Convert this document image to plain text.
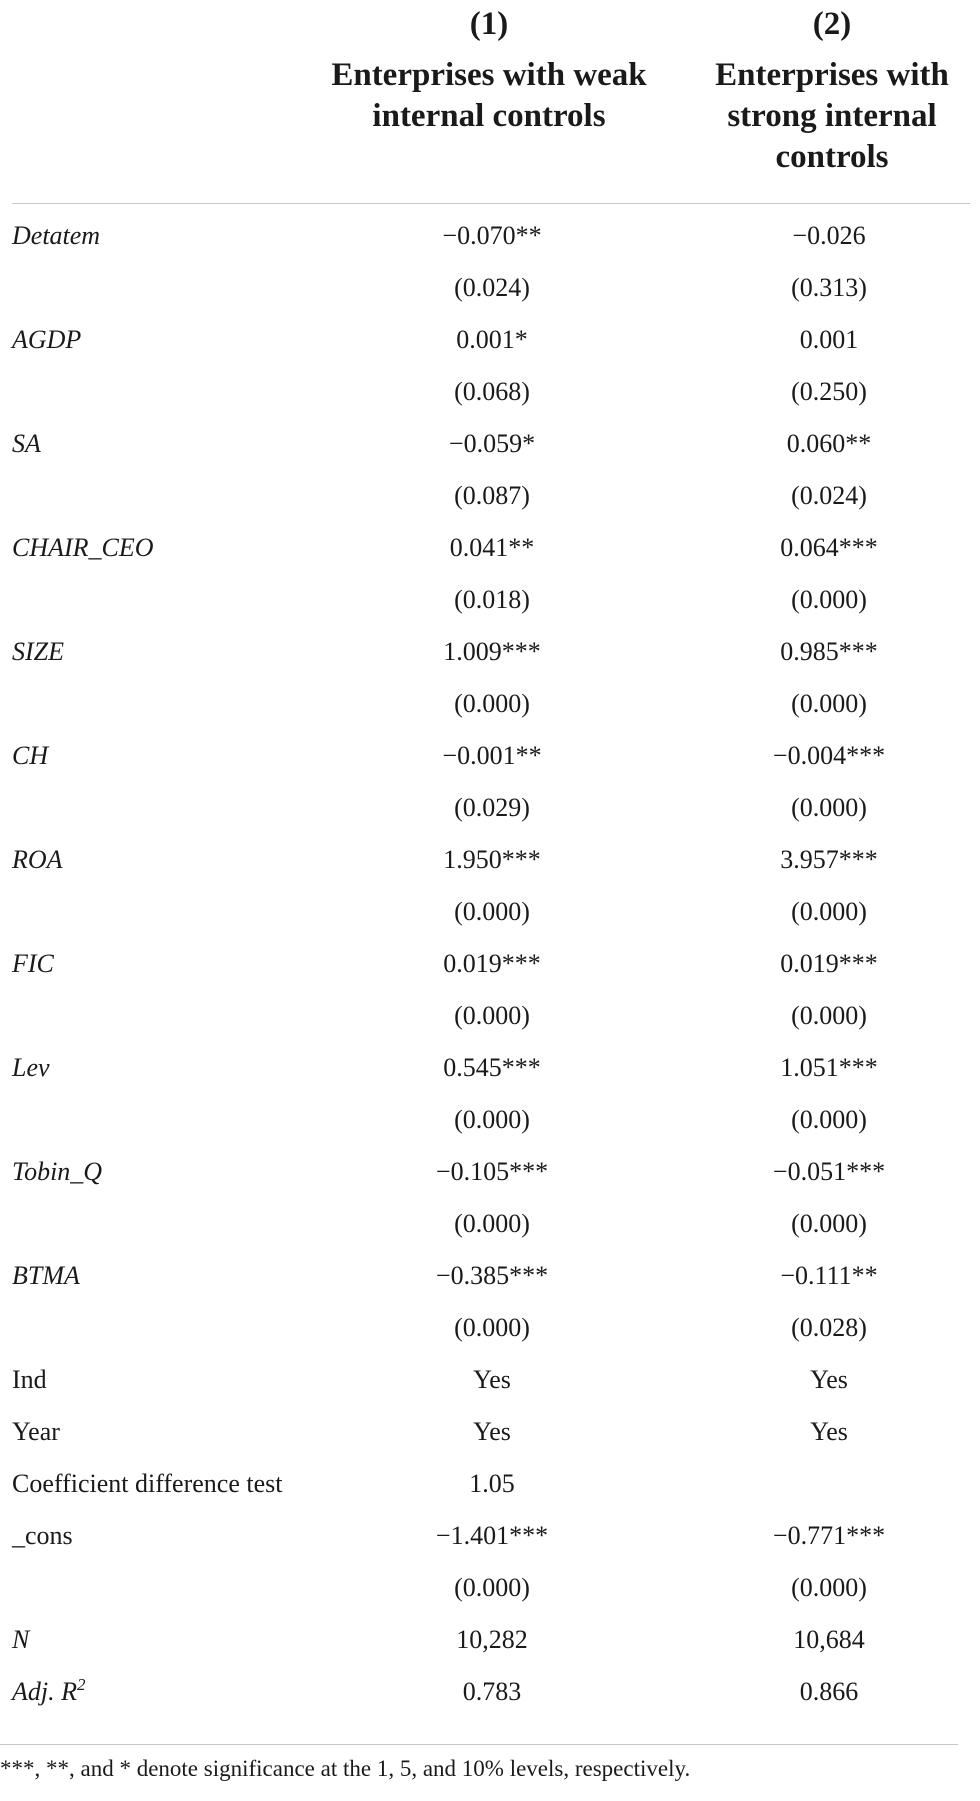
(1)
Enterprises with weak internal controls
(2)
Enterprises with strong internal controls
Detatem	−0.070**	−0.026
(0.024)	(0.313)
AGDP	0.001*	0.001
(0.068)	(0.250)
SA	−0.059*	0.060**
(0.087)	(0.024)
CHAIR_CEO	0.041**	0.064***
(0.018)	(0.000)
SIZE	1.009***	0.985***
(0.000)	(0.000)
CH	−0.001**	−0.004***
(0.029)	(0.000)
ROA	1.950***	3.957***
(0.000)	(0.000)
FIC	0.019***	0.019***
(0.000)	(0.000)
Lev	0.545***	1.051***
(0.000)	(0.000)
Tobin_Q	−0.105***	−0.051***
(0.000)	(0.000)
BTMA	−0.385***	−0.111**
(0.000)	(0.028)
Ind	Yes	Yes
Year	Yes	Yes
Coefficient difference test	1.05
_cons	−1.401***	−0.771***
(0.000)	(0.000)
N	10,282	10,684
Adj. $R^2$	0.783	0.866
***, **, and * denote significance at the 1, 5, and 10% levels, respectively.
